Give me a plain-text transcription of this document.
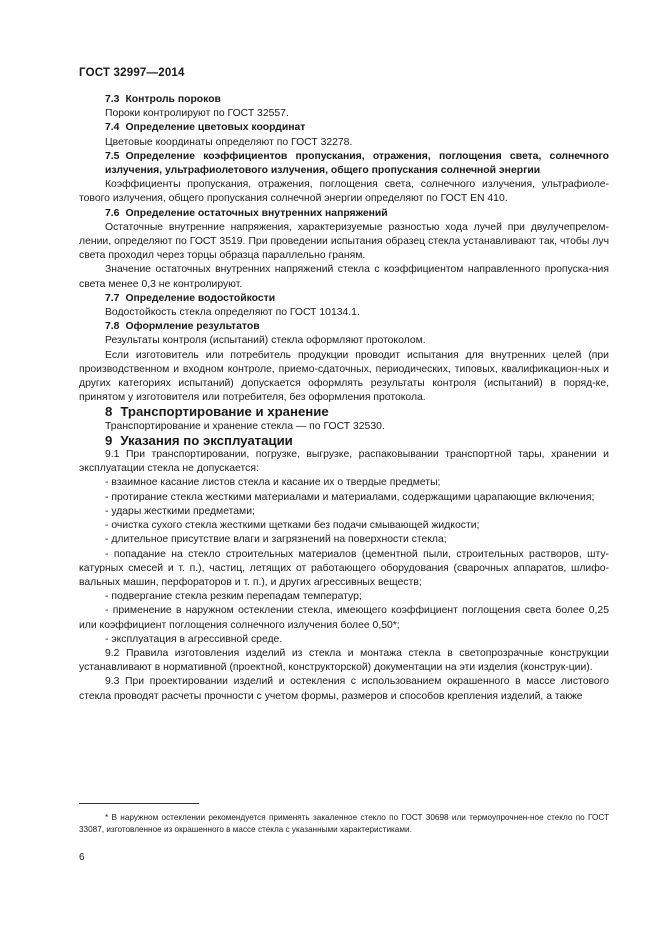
ГОСТ 32997—2014

7.3 Контроль пороков

Пороки контролируют по ГОСТ 32557.

7.4 Определение цветовых координат

Цветовые координаты определяют по ГОСТ 32278.

7.5 Определение коэффициентов пропускания, отражения, поглощения света, солнечного излучения, ультрафиолетового излучения, общего пропускания солнечной энергии

Коэффициенты пропускания, отражения, поглощения света, солнечного излучения, ультрафиоле-тового излучения, общего пропускания солнечной энергии определяют по ГОСТ EN 410.

7.6 Определение остаточных внутренних напряжений

Остаточные внутренние напряжения, характеризуемые разностью хода лучей при двулучепрелом-лении, определяют по ГОСТ 3519. При проведении испытания образец стекла устанавливают так, чтобы луч света проходил через торцы образца параллельно граням.

Значение остаточных внутренних напряжений стекла с коэффициентом направленного пропуска-ния света менее 0,3 не контролируют.

7.7 Определение водостойкости

Водостойкость стекла определяют по ГОСТ 10134.1.

7.8 Оформление результатов

Результаты контроля (испытаний) стекла оформляют протоколом.

Если изготовитель или потребитель продукции проводит испытания для внутренних целей (при производственном и входном контроле, приемо-сдаточных, периодических, типовых, квалификацион-ных и других категориях испытаний) допускается оформлять результаты контроля (испытаний) в поряд-ке, принятом у изготовителя или потребителя, без оформления протокола.

8 Транспортирование и хранение

Транспортирование и хранение стекла — по ГОСТ 32530.

9 Указания по эксплуатации

9.1 При транспортировании, погрузке, выгрузке, распаковывании транспортной тары, хранении и эксплуатации стекла не допускается:

- взаимное касание листов стекла и касание их о твердые предметы;

- протирание стекла жесткими материалами и материалами, содержащими царапающие включения;

- удары жесткими предметами;

- очистка сухого стекла жесткими щетками без подачи смывающей жидкости;

- длительное присутствие влаги и загрязнений на поверхности стекла;

- попадание на стекло строительных материалов (цементной пыли, строительных растворов, шту-катурных смесей и т. п.), частиц, летящих от работающего оборудования (сварочных аппаратов, шлифо-вальных машин, перфораторов и т. п.), и других агрессивных веществ;

- подвергание стекла резким перепадам температур;

- применение в наружном остеклении стекла, имеющего коэффициент поглощения света более 0,25 или коэффициент поглощения солнечного излучения более 0,50*;

- эксплуатация в агрессивной среде.

9.2 Правила изготовления изделий из стекла и монтажа стекла в светопрозрачные конструкции устанавливают в нормативной (проектной, конструкторской) документации на эти изделия (конструк-ции).

9.3 При проектировании изделий и остекления с использованием окрашенного в массе листового стекла проводят расчеты прочности с учетом формы, размеров и способов крепления изделий, а также

* В наружном остеклении рекомендуется применять закаленное стекло по ГОСТ 30698 или термоупрочнен-ное стекло по ГОСТ 33087, изготовленное из окрашенного в массе стекла с указанными характеристиками.
6
